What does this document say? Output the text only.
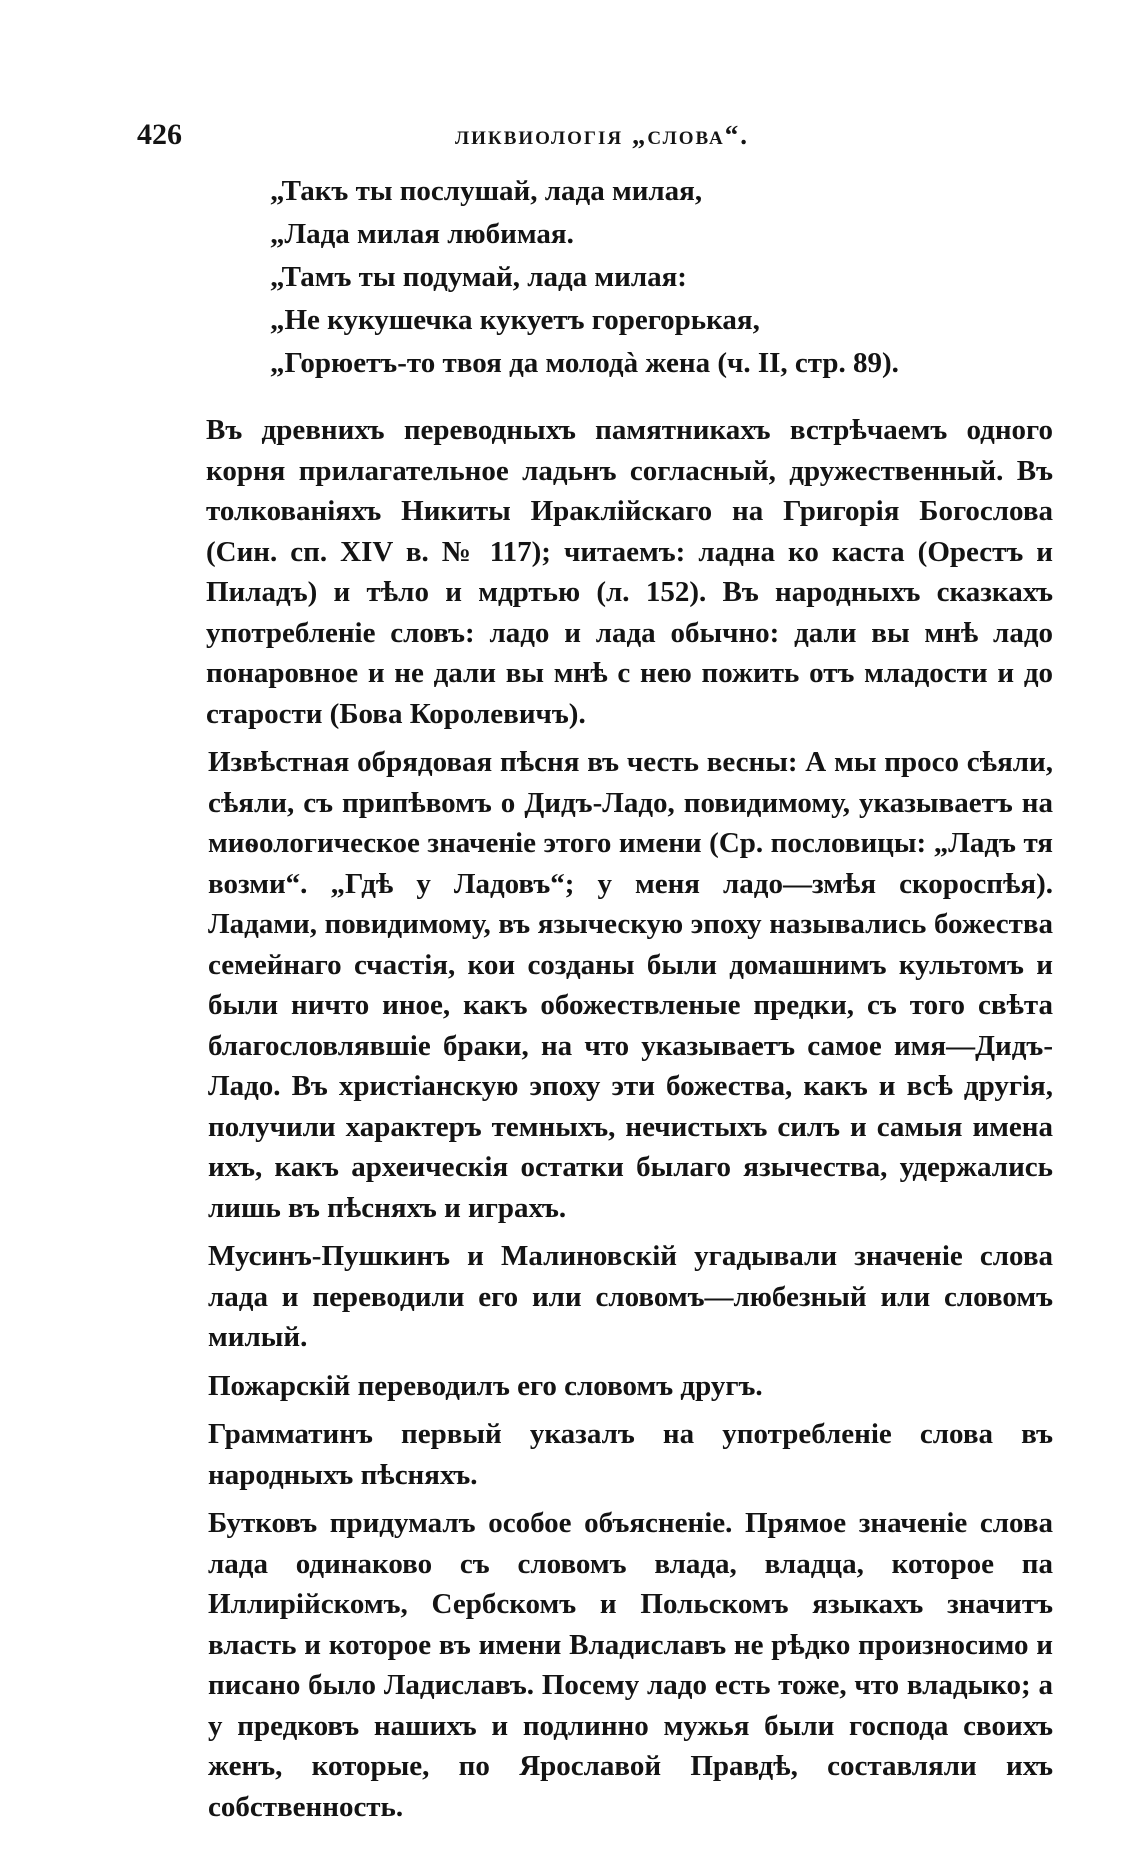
426	ликвиологія „слова“.
„Такъ ты послушай, лада милая,
„Лада милая любимая.
„Тамъ ты подумай, лада милая:
„Не кукушечка кукуетъ горегорькая,
„Горюетъ-то твоя да молодà жена (ч. II, стр. 89).

Въ древнихъ переводныхъ памятникахъ встрѣчаемъ одного корня прилагательное ладьнъ согласный, дружественный. Въ толкованіяхъ Никиты Ираклійскаго на Григорія Богослова (Син. сп. XIV в. № 117); читаемъ: ладна ко каста (Орестъ и Пиладъ) и тѣло и мдртью (л. 152). Въ народныхъ сказкахъ употребленіе словъ: ладо и лада обычно: дали вы мнѣ ладо понаровное и не дали вы мнѣ с нею пожить отъ младости и до старости (Бова Королевичъ).

Извѣстная обрядовая пѣсня въ честь весны: А мы просо сѣяли, сѣяли, съ припѣвомъ о Дидъ-Ладо, повидимому, указываетъ на миѳологическое значеніе этого имени (Ср. пословицы: „Ладъ тя возми“. „Гдѣ у Ладовъ“; у меня ладо—змѣя скороспѣя). Ладами, повидимому, въ языческую эпоху назывались божества семейнаго счастія, кои созданы были домашнимъ культомъ и были ничто иное, какъ обожествленые предки, съ того свѣта благословлявшіе браки, на что указываетъ самое имя—Дидъ-Ладо. Въ христіанскую эпоху эти божества, какъ и всѣ другія, получили характеръ темныхъ, нечистыхъ силъ и самыя имена ихъ, какъ археическія остатки былаго язычества, удержались лишь въ пѣсняхъ и играхъ.

Мусинъ-Пушкинъ и Малиновскій угадывали значеніе слова лада и переводили его или словомъ—любезный или словомъ милый.

Пожарскій переводилъ его словомъ другъ.

Грамматинъ первый указалъ на употребленіе слова въ народныхъ пѣсняхъ.

Бутковъ придумалъ особое объясненіе. Прямое значеніе слова лада одинаково съ словомъ влада, владца, которое па Иллирійскомъ, Сербскомъ и Польскомъ языкахъ значитъ власть и которое въ имени Владиславъ не рѣдко произносимо и писано было Ладиславъ. Посему ладо есть тоже, что владыко; а у предковъ нашихъ и подлинно мужья были господа своихъ женъ, которые, по Ярославой Правдѣ, составляли ихъ собственность.
